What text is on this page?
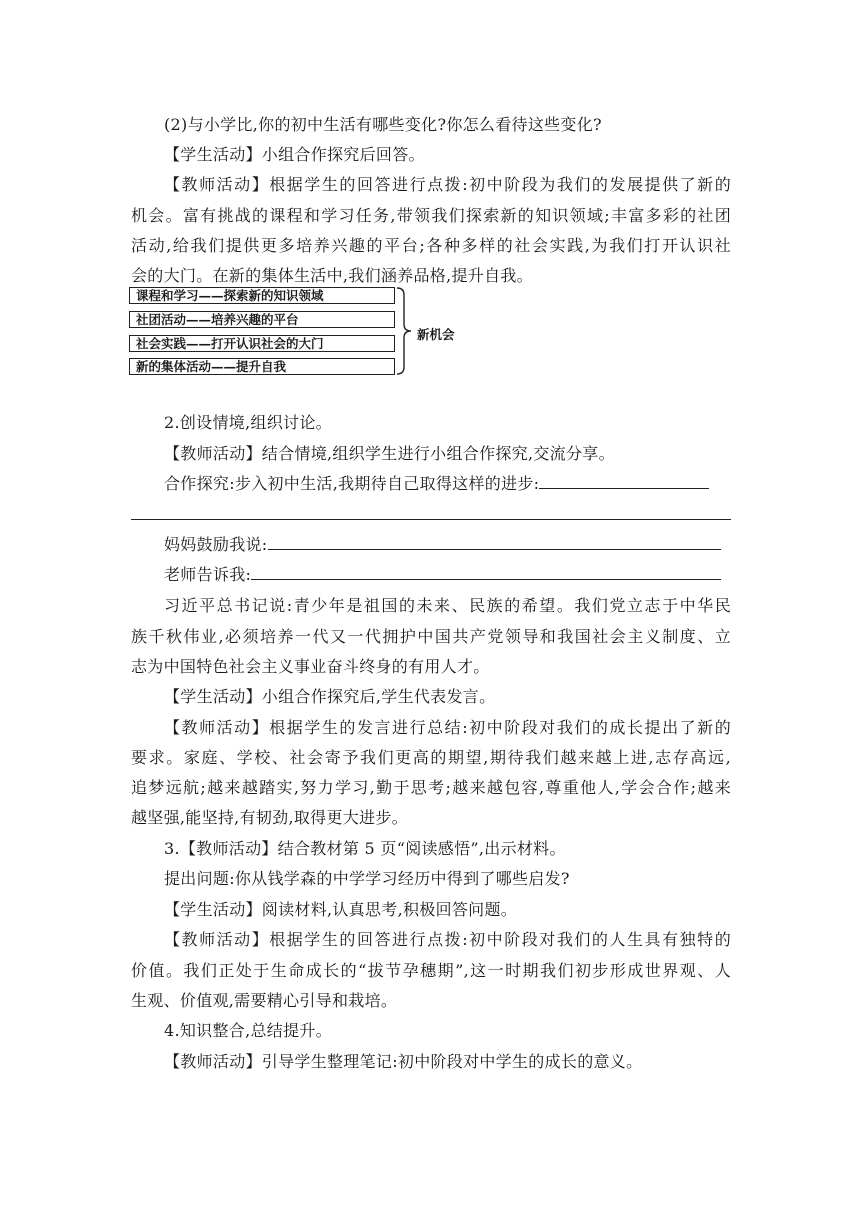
(2)与小学比,你的初中生活有哪些变化?你怎么看待这些变化?
【学生活动】小组合作探究后回答。
【教师活动】根据学生的回答进行点拨:初中阶段为我们的发展提供了新的
机会。富有挑战的课程和学习任务,带领我们探索新的知识领域;丰富多彩的社团
活动,给我们提供更多培养兴趣的平台;各种多样的社会实践,为我们打开认识社
会的大门。在新的集体生活中,我们涵养品格,提升自我。
课程和学习——探索新的知识领域
社团活动——培养兴趣的平台
社会实践——打开认识社会的大门
新的集体活动——提升自我
新机会
2.创设情境,组织讨论。
【教师活动】结合情境,组织学生进行小组合作探究,交流分享。
合作探究:步入初中生活,我期待自己取得这样的进步:
妈妈鼓励我说:
老师告诉我:
习近平总书记说:青少年是祖国的未来、民族的希望。我们党立志于中华民
族千秋伟业,必须培养一代又一代拥护中国共产党领导和我国社会主义制度、立
志为中国特色社会主义事业奋斗终身的有用人才。
【学生活动】小组合作探究后,学生代表发言。
【教师活动】根据学生的发言进行总结:初中阶段对我们的成长提出了新的
要求。家庭、学校、社会寄予我们更高的期望,期待我们越来越上进,志存高远,
追梦远航;越来越踏实,努力学习,勤于思考;越来越包容,尊重他人,学会合作;越来
越坚强,能坚持,有韧劲,取得更大进步。
3.【教师活动】结合教材第 5 页“阅读感悟”,出示材料。
提出问题:你从钱学森的中学学习经历中得到了哪些启发?
【学生活动】阅读材料,认真思考,积极回答问题。
【教师活动】根据学生的回答进行点拨:初中阶段对我们的人生具有独特的
价值。我们正处于生命成长的“拔节孕穗期”,这一时期我们初步形成世界观、人
生观、价值观,需要精心引导和栽培。
4.知识整合,总结提升。
【教师活动】引导学生整理笔记:初中阶段对中学生的成长的意义。
